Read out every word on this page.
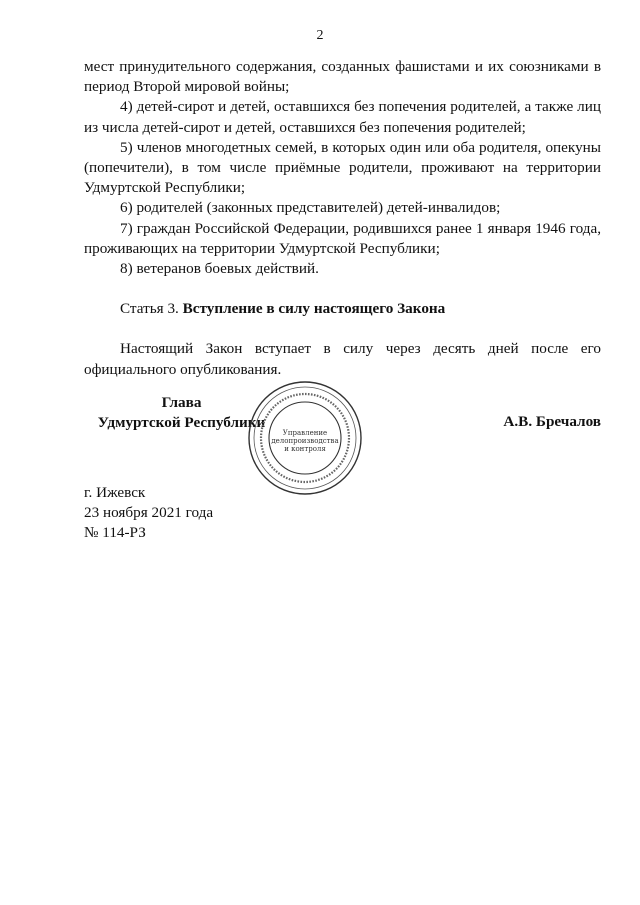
2

мест принудительного содержания, созданных фашистами и их союзниками в период Второй мировой войны;

4) детей-сирот и детей, оставшихся без попечения родителей, а также лиц из числа детей-сирот и детей, оставшихся без попечения родителей;

5) членов многодетных семей, в которых один или оба родителя, опекуны (попечители), в том числе приёмные родители, проживают на территории Удмуртской Республики;

6) родителей (законных представителей) детей-инвалидов;

7) граждан Российской Федерации, родившихся ранее 1 января 1946 года, проживающих на территории Удмуртской Республики;

8) ветеранов боевых действий.

Статья 3. Вступление в силу настоящего Закона

Настоящий Закон вступает в силу через десять дней после его официального опубликования.

Глава
Удмуртской Республики	А.В. Бречалов
Управление
делопроизводства
и контроля
г. Ижевск
23 ноября 2021 года
№ 114-РЗ
